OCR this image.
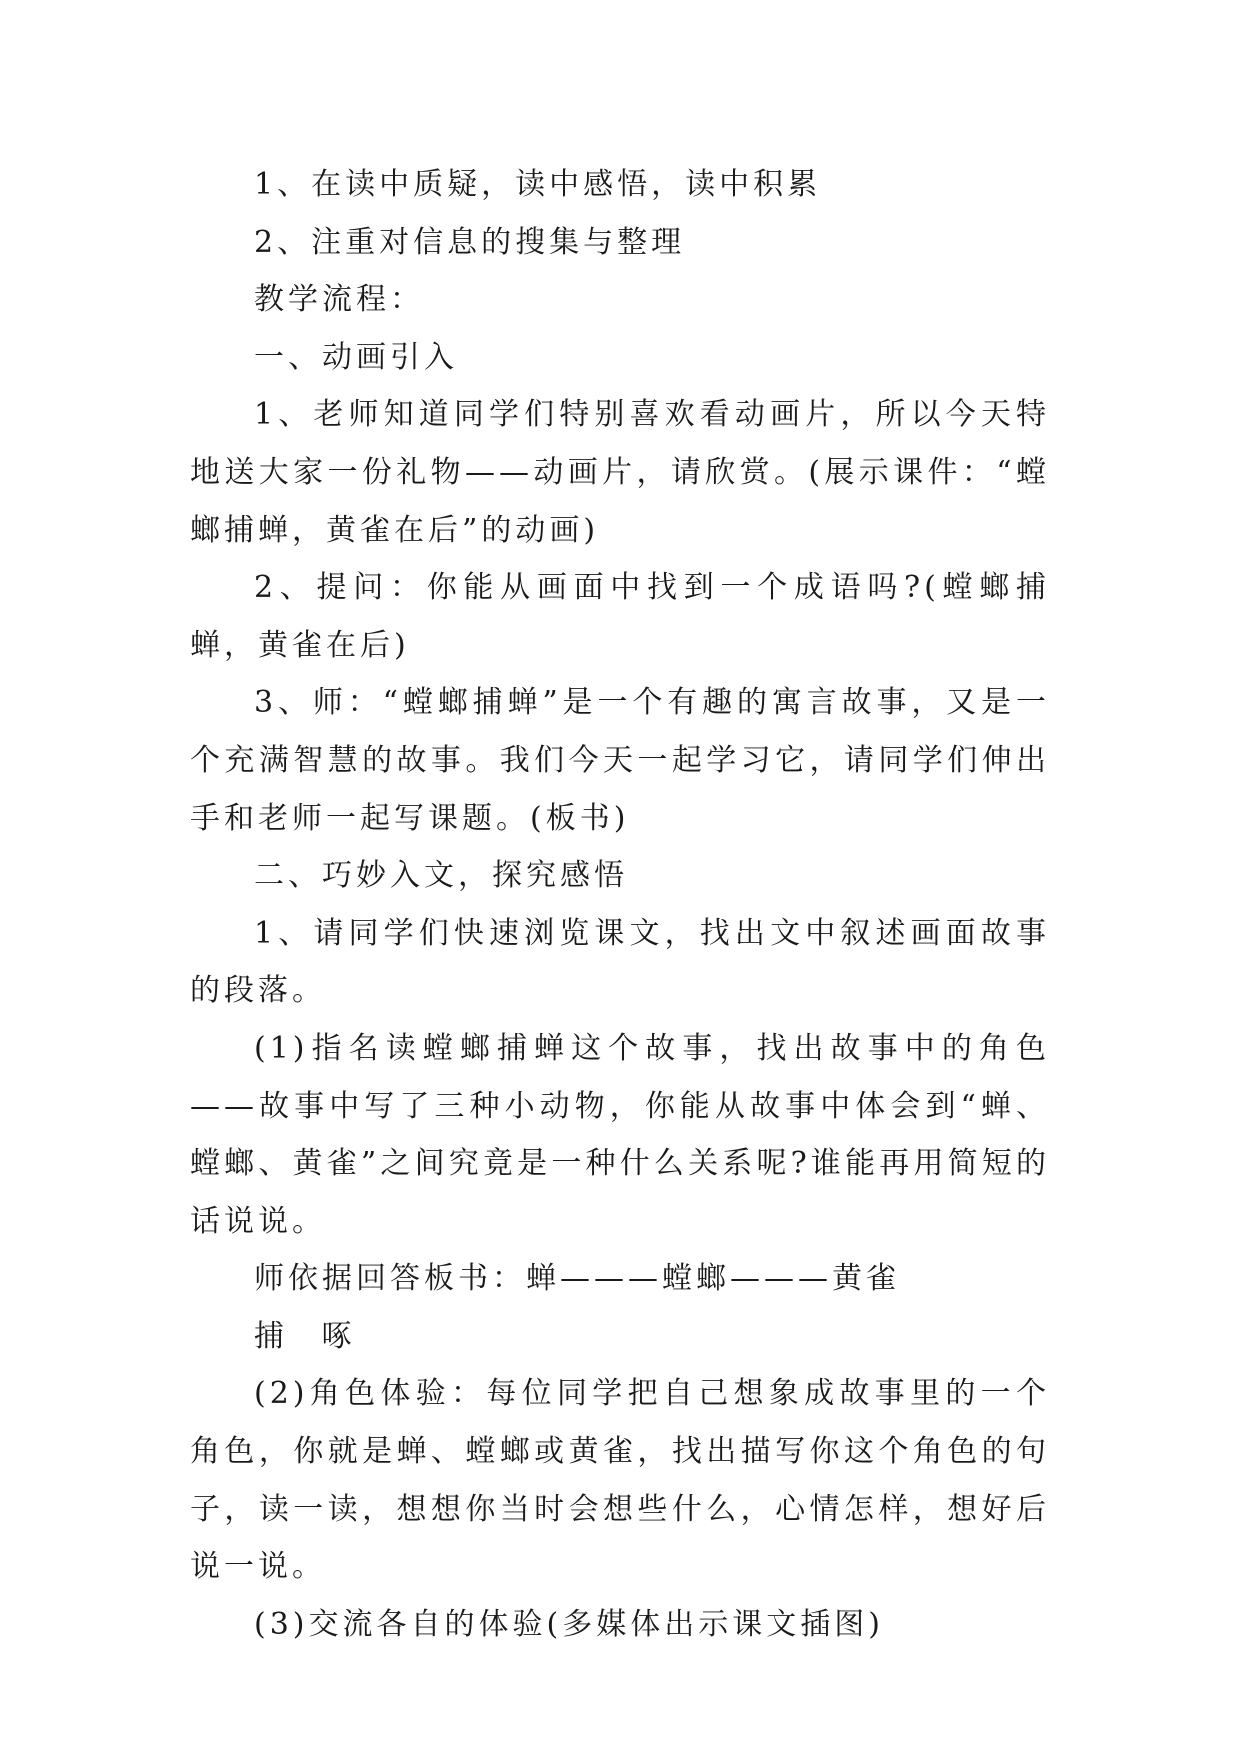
1、在读中质疑，读中感悟，读中积累

2、注重对信息的搜集与整理

教学流程：

一、动画引入

1、老师知道同学们特别喜欢看动画片，所以今天特地送大家一份礼物——动画片，请欣赏。(展示课件：“螳螂捕蝉，黄雀在后”的动画)

2、提问：你能从画面中找到一个成语吗?(螳螂捕蝉，黄雀在后)

3、师：“螳螂捕蝉”是一个有趣的寓言故事，又是一个充满智慧的故事。我们今天一起学习它，请同学们伸出手和老师一起写课题。(板书)

二、巧妙入文，探究感悟

1、请同学们快速浏览课文，找出文中叙述画面故事的段落。

(1)指名读螳螂捕蝉这个故事，找出故事中的角色——故事中写了三种小动物，你能从故事中体会到“蝉、螳螂、黄雀”之间究竟是一种什么关系呢?谁能再用简短的话说说。

师依据回答板书：蝉———螳螂———黄雀

捕 啄

(2)角色体验：每位同学把自己想象成故事里的一个角色，你就是蝉、螳螂或黄雀，找出描写你这个角色的句子，读一读，想想你当时会想些什么，心情怎样，想好后说一说。

(3)交流各自的体验(多媒体出示课文插图)
